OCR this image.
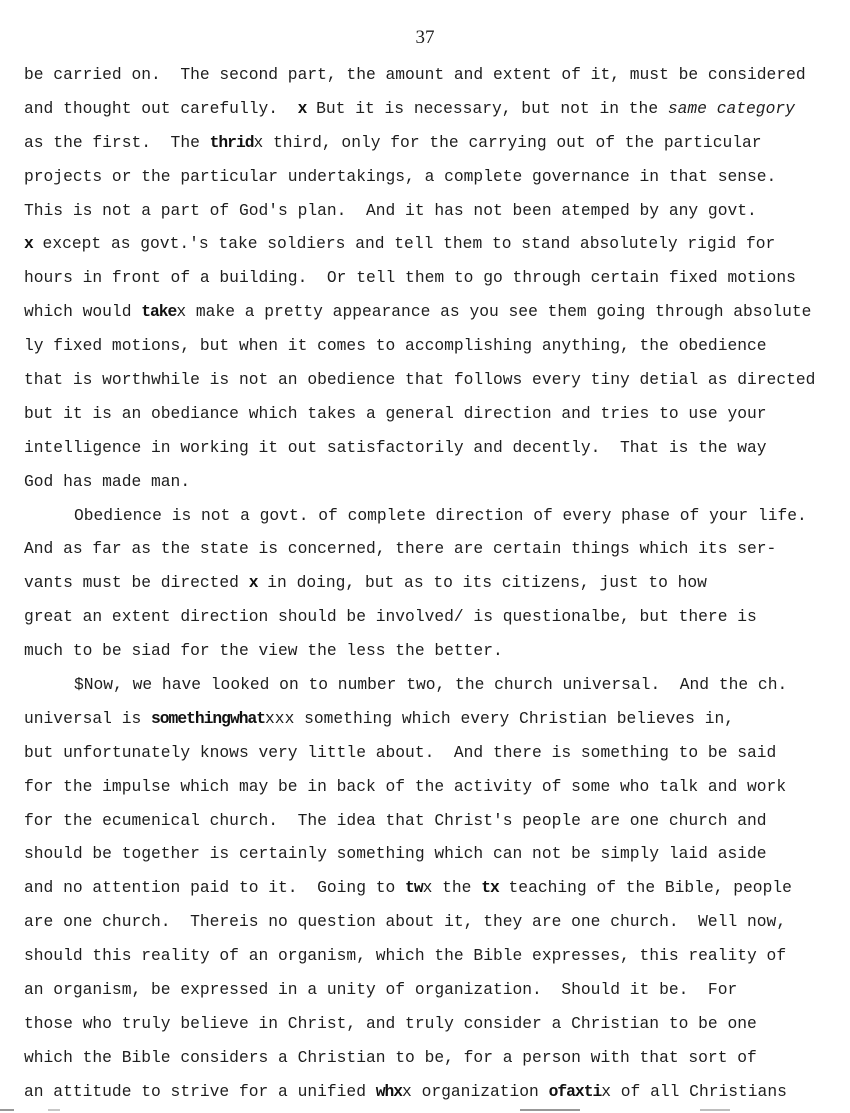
37
be carried on.  The second part, the amount and extent of it, must be considered
and thought out carefully.  x But it is necessary, but not in the same category
as the first.  The thridx third, only for the carrying out of the particular
projects or the particular undertakings, a complete governance in that sense.
This is not a part of God's plan.  And it has not been atemped by any govt.
x except as govt.'s take soldiers and tell them to stand absolutely rigid for
hours in front of a building.  Or tell them to go through certain fixed motions
which would takex make a pretty appearance as you see them going through absolute
ly fixed motions, but when it comes to accomplishing anything, the obedience
that is worthwhile is not an obedience that follows every tiny detial as directed
but it is an obediance which takes a general direction and tries to use your
intelligence in working it out satisfactorily and decently.  That is the way
God has made man.
Obedience is not a govt. of complete direction of every phase of your life.
And as far as the state is concerned, there are certain things which its ser-
vants must be directed x in doing, but as to its citizens, just to how
great an extent direction should be involved/ is questionalbe, but there is
much to be siad for the view the less the better.
$Now, we have looked on to number two, the church universal.  And the ch.
universal is somethingwhatxxx something which every Christian believes in,
but unfortunately knows very little about.  And there is something to be said
for the impulse which may be in back of the activity of some who talk and work
for the ecumenical church.  The idea that Christ's people are one church and
should be together is certainly something which can not be simply laid aside
and no attention paid to it.  Going to twx the tx teaching of the Bible, people
are one church.  Thereis no question about it, they are one church.  Well now,
should this reality of an organism, which the Bible expresses, this reality of
an organism, be expressed in a unity of organization.  Should it be.  For
those who truly believe in Christ, and truly consider a Christian to be one
which the Bible considers a Christian to be, for a person with that sort of
an attitude to strive for a unified whxx organization ofaxtix of all Christians
